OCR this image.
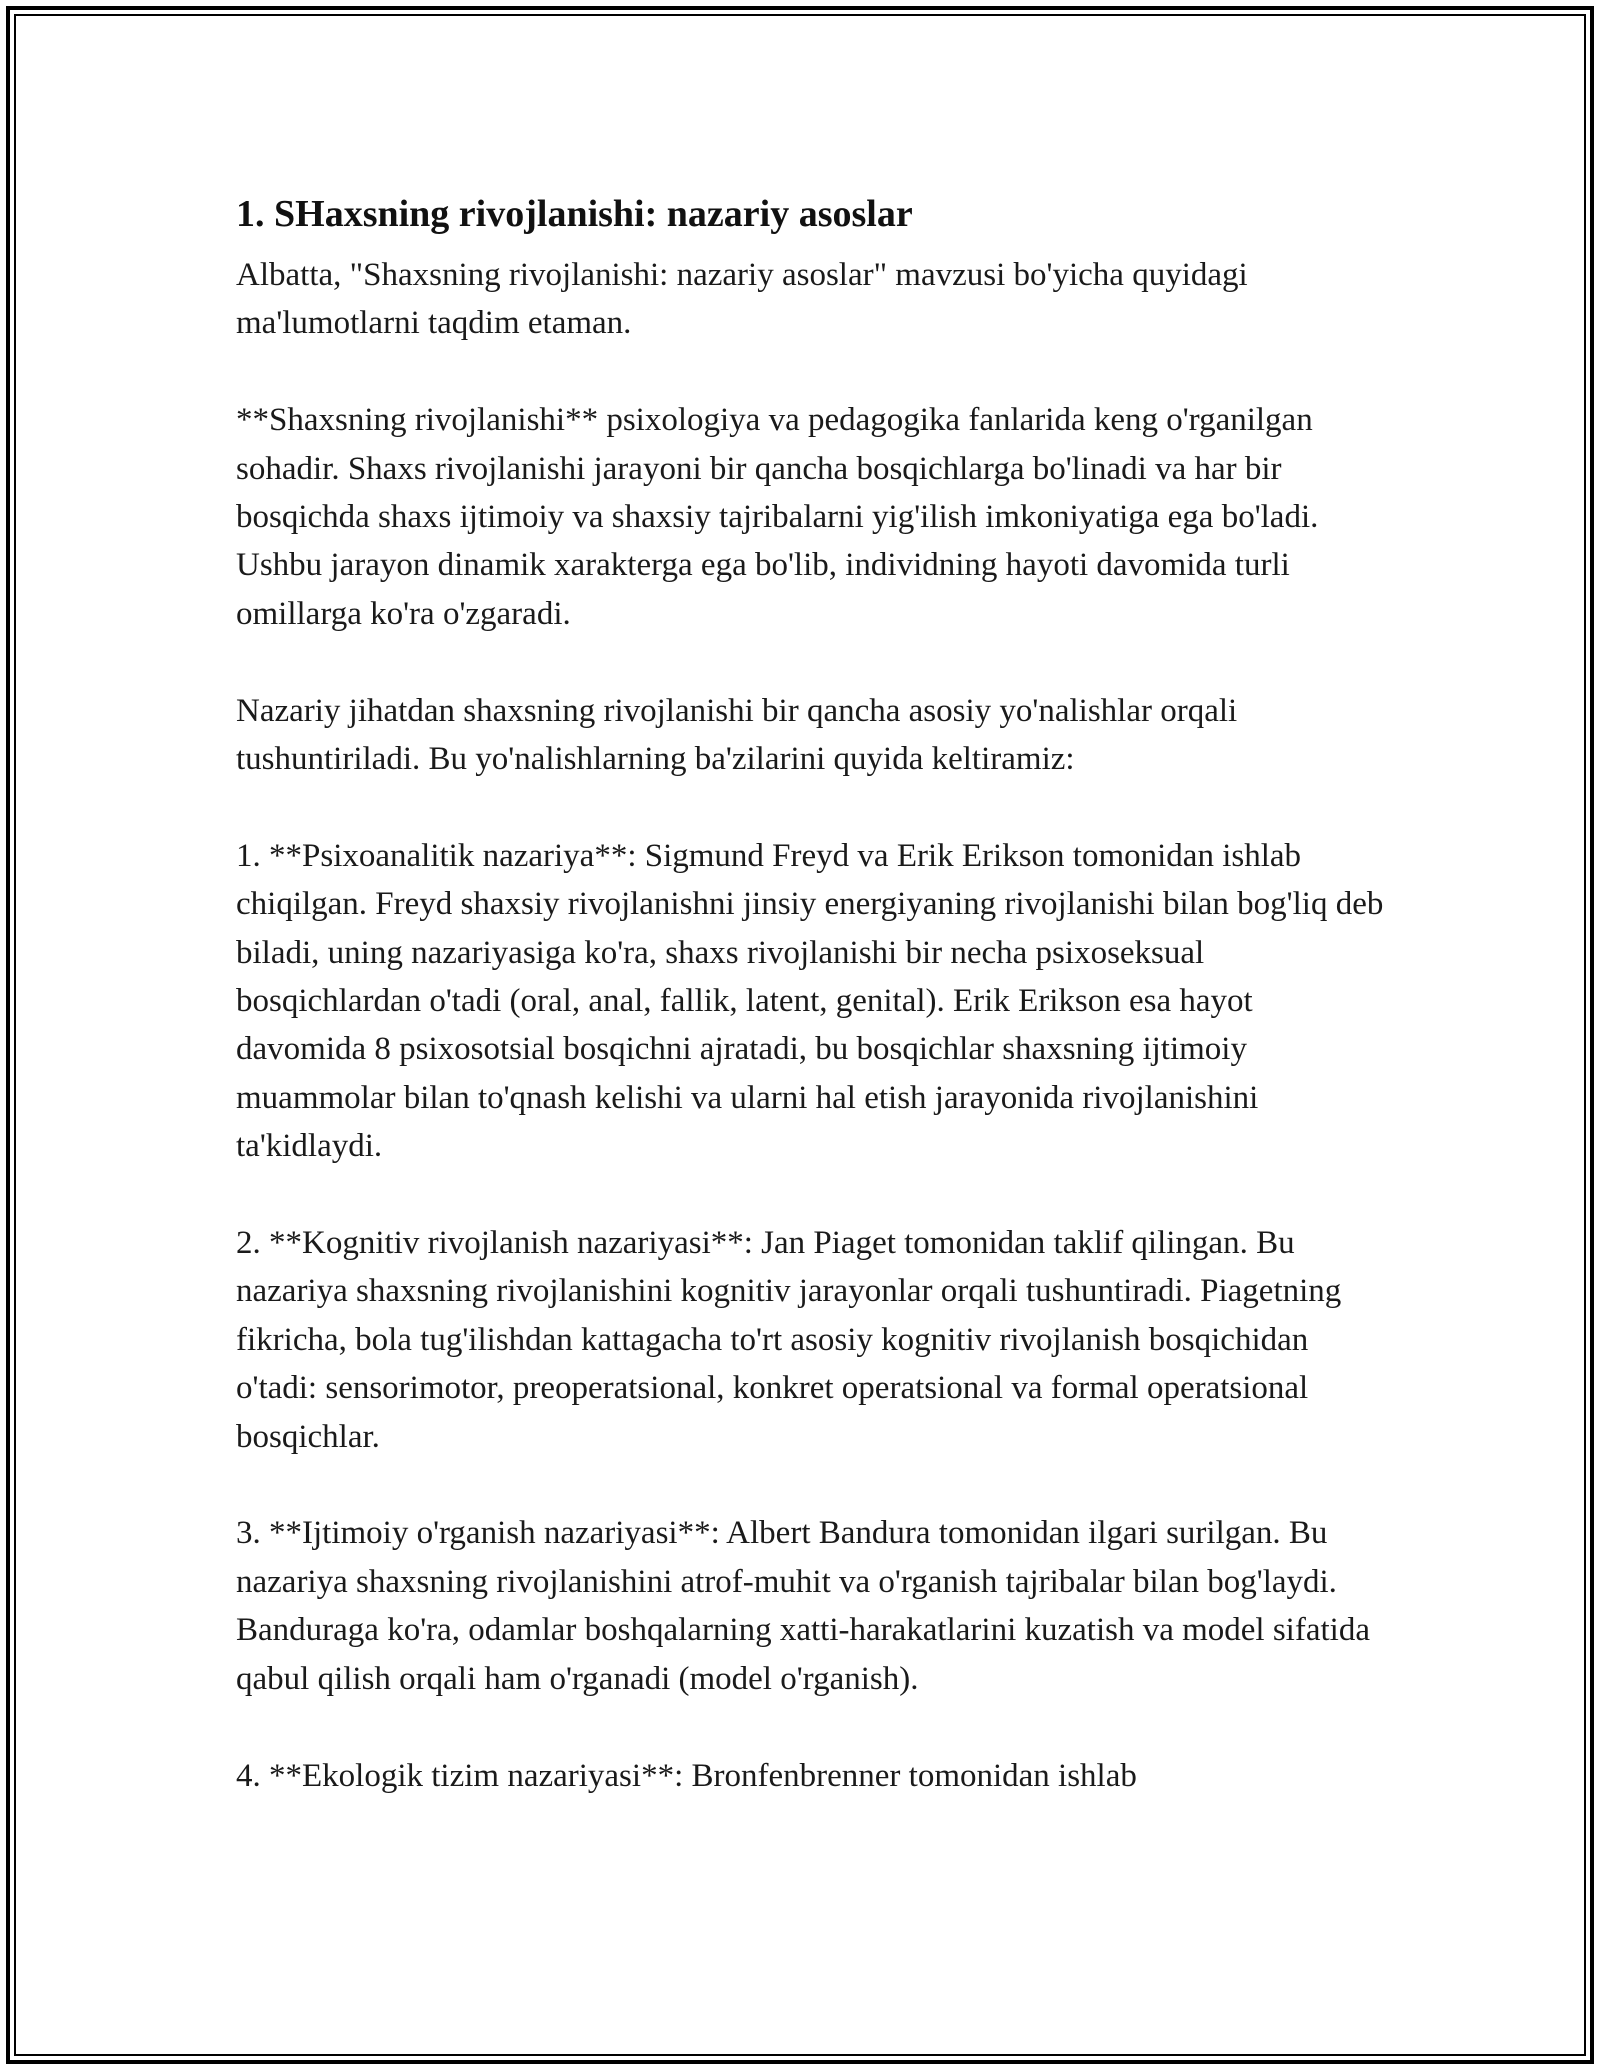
1. SHaxsning rivojlanishi: nazariy asoslar

Albatta, "Shaxsning rivojlanishi: nazariy asoslar" mavzusi bo'yicha quyidagi ma'lumotlarni taqdim etaman.

**Shaxsning rivojlanishi** psixologiya va pedagogika fanlarida keng o'rganilgan sohadir. Shaxs rivojlanishi jarayoni bir qancha bosqichlarga bo'linadi va har bir bosqichda shaxs ijtimoiy va shaxsiy tajribalarni yig'ilish imkoniyatiga ega bo'ladi. Ushbu jarayon dinamik xarakterga ega bo'lib, individning hayoti davomida turli omillarga ko'ra o'zgaradi.

Nazariy jihatdan shaxsning rivojlanishi bir qancha asosiy yo'nalishlar orqali tushuntiriladi. Bu yo'nalishlarning ba'zilarini quyida keltiramiz:

1. **Psixoanalitik nazariya**: Sigmund Freyd va Erik Erikson tomonidan ishlab chiqilgan. Freyd shaxsiy rivojlanishni jinsiy energiyaning rivojlanishi bilan bog'liq deb biladi, uning nazariyasiga ko'ra, shaxs rivojlanishi bir necha psixoseksual bosqichlardan o'tadi (oral, anal, fallik, latent, genital). Erik Erikson esa hayot davomida 8 psixosotsial bosqichni ajratadi, bu bosqichlar shaxsning ijtimoiy muammolar bilan to'qnash kelishi va ularni hal etish jarayonida rivojlanishini ta'kidlaydi.

2. **Kognitiv rivojlanish nazariyasi**: Jan Piaget tomonidan taklif qilingan. Bu nazariya shaxsning rivojlanishini kognitiv jarayonlar orqali tushuntiradi. Piagetning fikricha, bola tug'ilishdan kattagacha to'rt asosiy kognitiv rivojlanish bosqichidan o'tadi: sensorimotor, preoperatsional, konkret operatsional va formal operatsional bosqichlar.

3. **Ijtimoiy o'rganish nazariyasi**: Albert Bandura tomonidan ilgari surilgan. Bu nazariya shaxsning rivojlanishini atrof-muhit va o'rganish tajribalar bilan bog'laydi. Banduraga ko'ra, odamlar boshqalarning xatti-harakatlarini kuzatish va model sifatida qabul qilish orqali ham o'rganadi (model o'rganish).

4. **Ekologik tizim nazariyasi**: Bronfenbrenner tomonidan ishlab
